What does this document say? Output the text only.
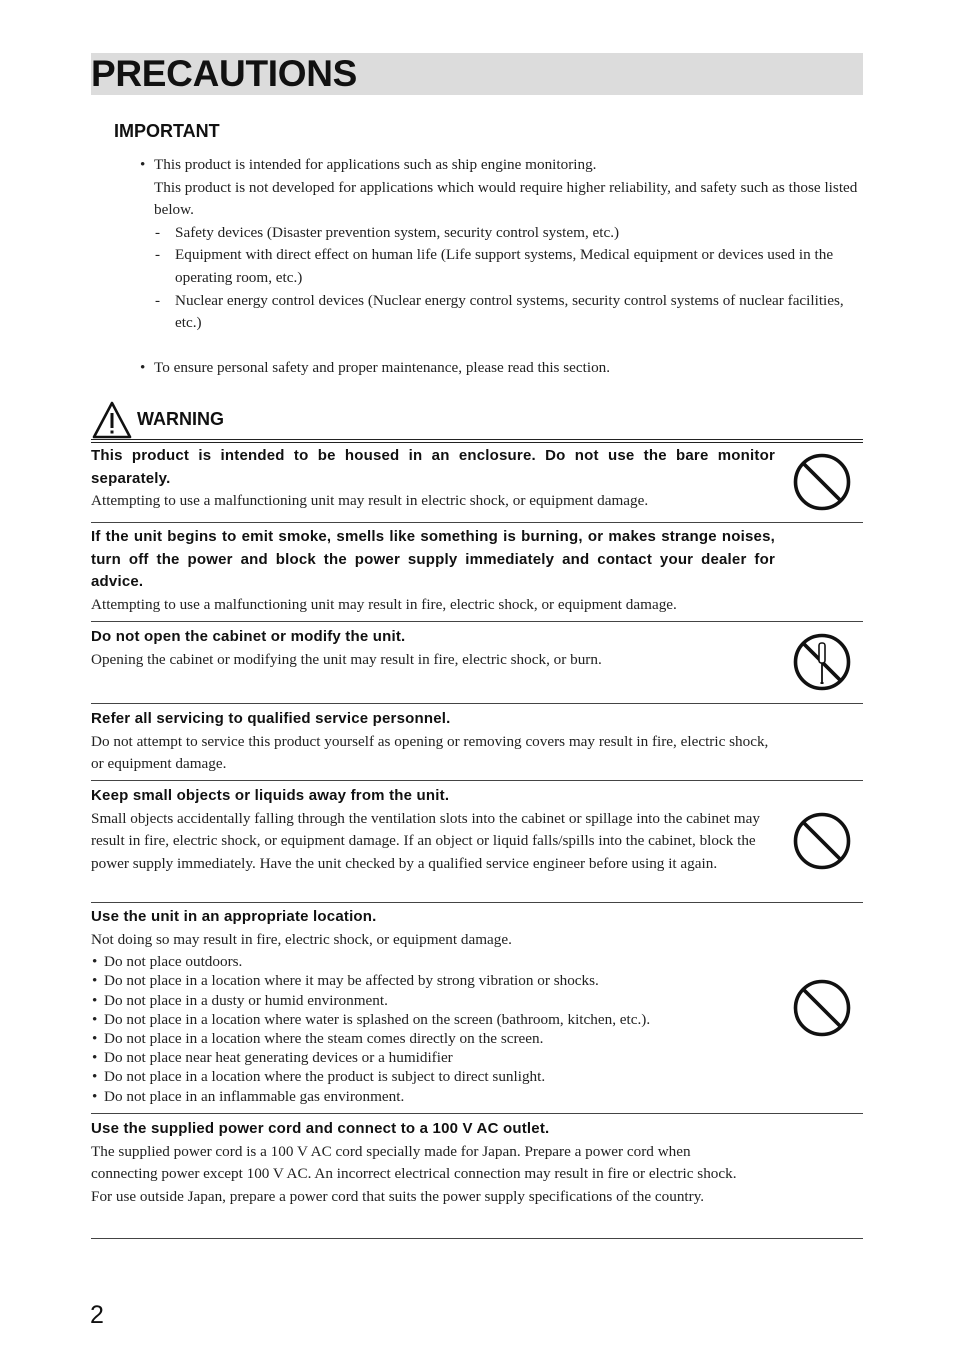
PRECAUTIONS
IMPORTANT
• This product is intended for applications such as ship engine monitoring.
This product is not developed for applications which would require higher reliability, and safety such as those listed below.
- Safety devices (Disaster prevention system, security control system, etc.)
- Equipment with direct effect on human life (Life support systems, Medical equipment or devices used in the operating room, etc.)
- Nuclear energy control devices (Nuclear energy control systems, security control systems of nuclear facilities, etc.)
• To ensure personal safety and proper maintenance, please read this section.
WARNING
This product is intended to be housed in an enclosure. Do not use the bare monitor separately.
Attempting to use a malfunctioning unit may result in electric shock, or equipment damage.
If the unit begins to emit smoke, smells like something is burning, or makes strange noises, turn off the power and block the power supply immediately and contact your dealer for advice.
Attempting to use a malfunctioning unit may result in fire, electric shock, or equipment damage.
Do not open the cabinet or modify the unit.
Opening the cabinet or modifying the unit may result in fire, electric shock, or burn.
Refer all servicing to qualified service personnel.
Do not attempt to service this product yourself as opening or removing covers may result in fire, electric shock, or equipment damage.
Keep small objects or liquids away from the unit.
Small objects accidentally falling through the ventilation slots into the cabinet or spillage into the cabinet may result in fire, electric shock, or equipment damage. If an object or liquid falls/spills into the cabinet, block the power supply immediately. Have the unit checked by a qualified service engineer before using it again.
Use the unit in an appropriate location.
Not doing so may result in fire, electric shock, or equipment damage.
• Do not place outdoors.
• Do not place in a location where it may be affected by strong vibration or shocks.
• Do not place in a dusty or humid environment.
• Do not place in a location where water is splashed on the screen (bathroom, kitchen, etc.).
• Do not place in a location where the steam comes directly on the screen.
• Do not place near heat generating devices or a humidifier
• Do not place in a location where the product is subject to direct sunlight.
• Do not place in an inflammable gas environment.
Use the supplied power cord and connect to a 100 V AC outlet.
The supplied power cord is a 100 V AC cord specially made for Japan. Prepare a power cord when connecting power except 100 V AC. An incorrect electrical connection may result in fire or electric shock.
For use outside Japan, prepare a power cord that suits the power supply specifications of the country.
2
